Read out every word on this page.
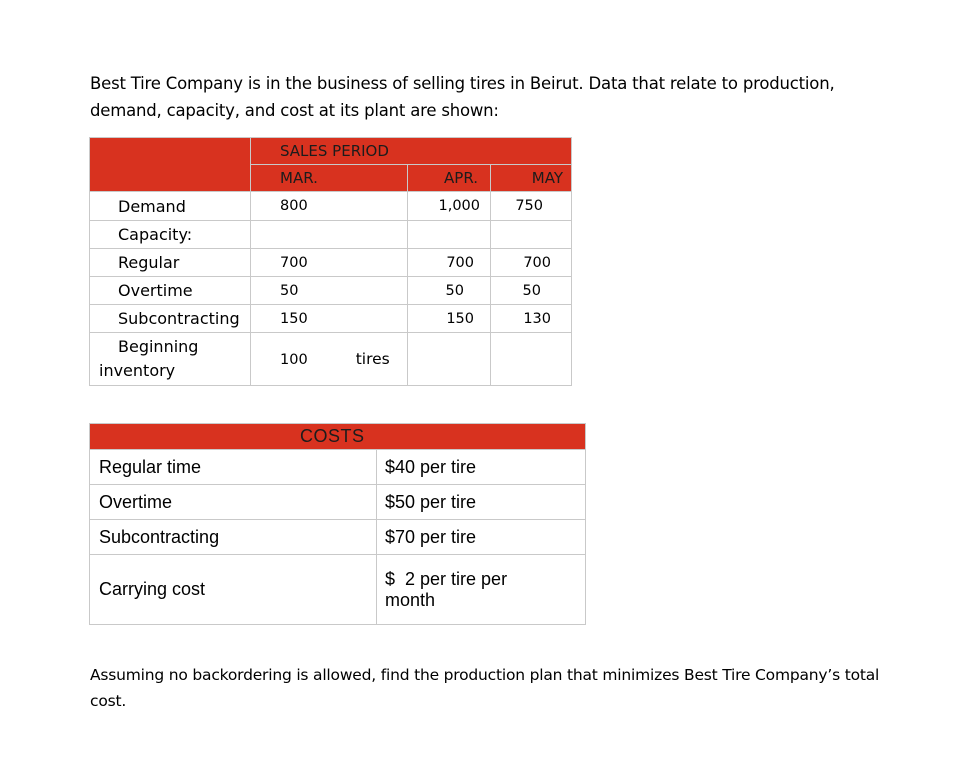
Best Tire Company is in the business of selling tires in Beirut. Data that relate to production,
demand, capacity, and cost at its plant are shown:
	SALES PERIOD		
	MAR.	APR.	MAY
Demand	800	1,000	750
Capacity:			
Regular	700	700	700
Overtime	50	50	50
Subcontracting	150	150	130

Beginning
inventory	100 tires		
COSTS	
Regular time	$40 per tire
Overtime	$50 per tire
Subcontracting	$70 per tire
Carrying cost	$  2 per tire per
month
Assuming no backordering is allowed, find the production plan that minimizes Best Tire Company’s total
cost.
